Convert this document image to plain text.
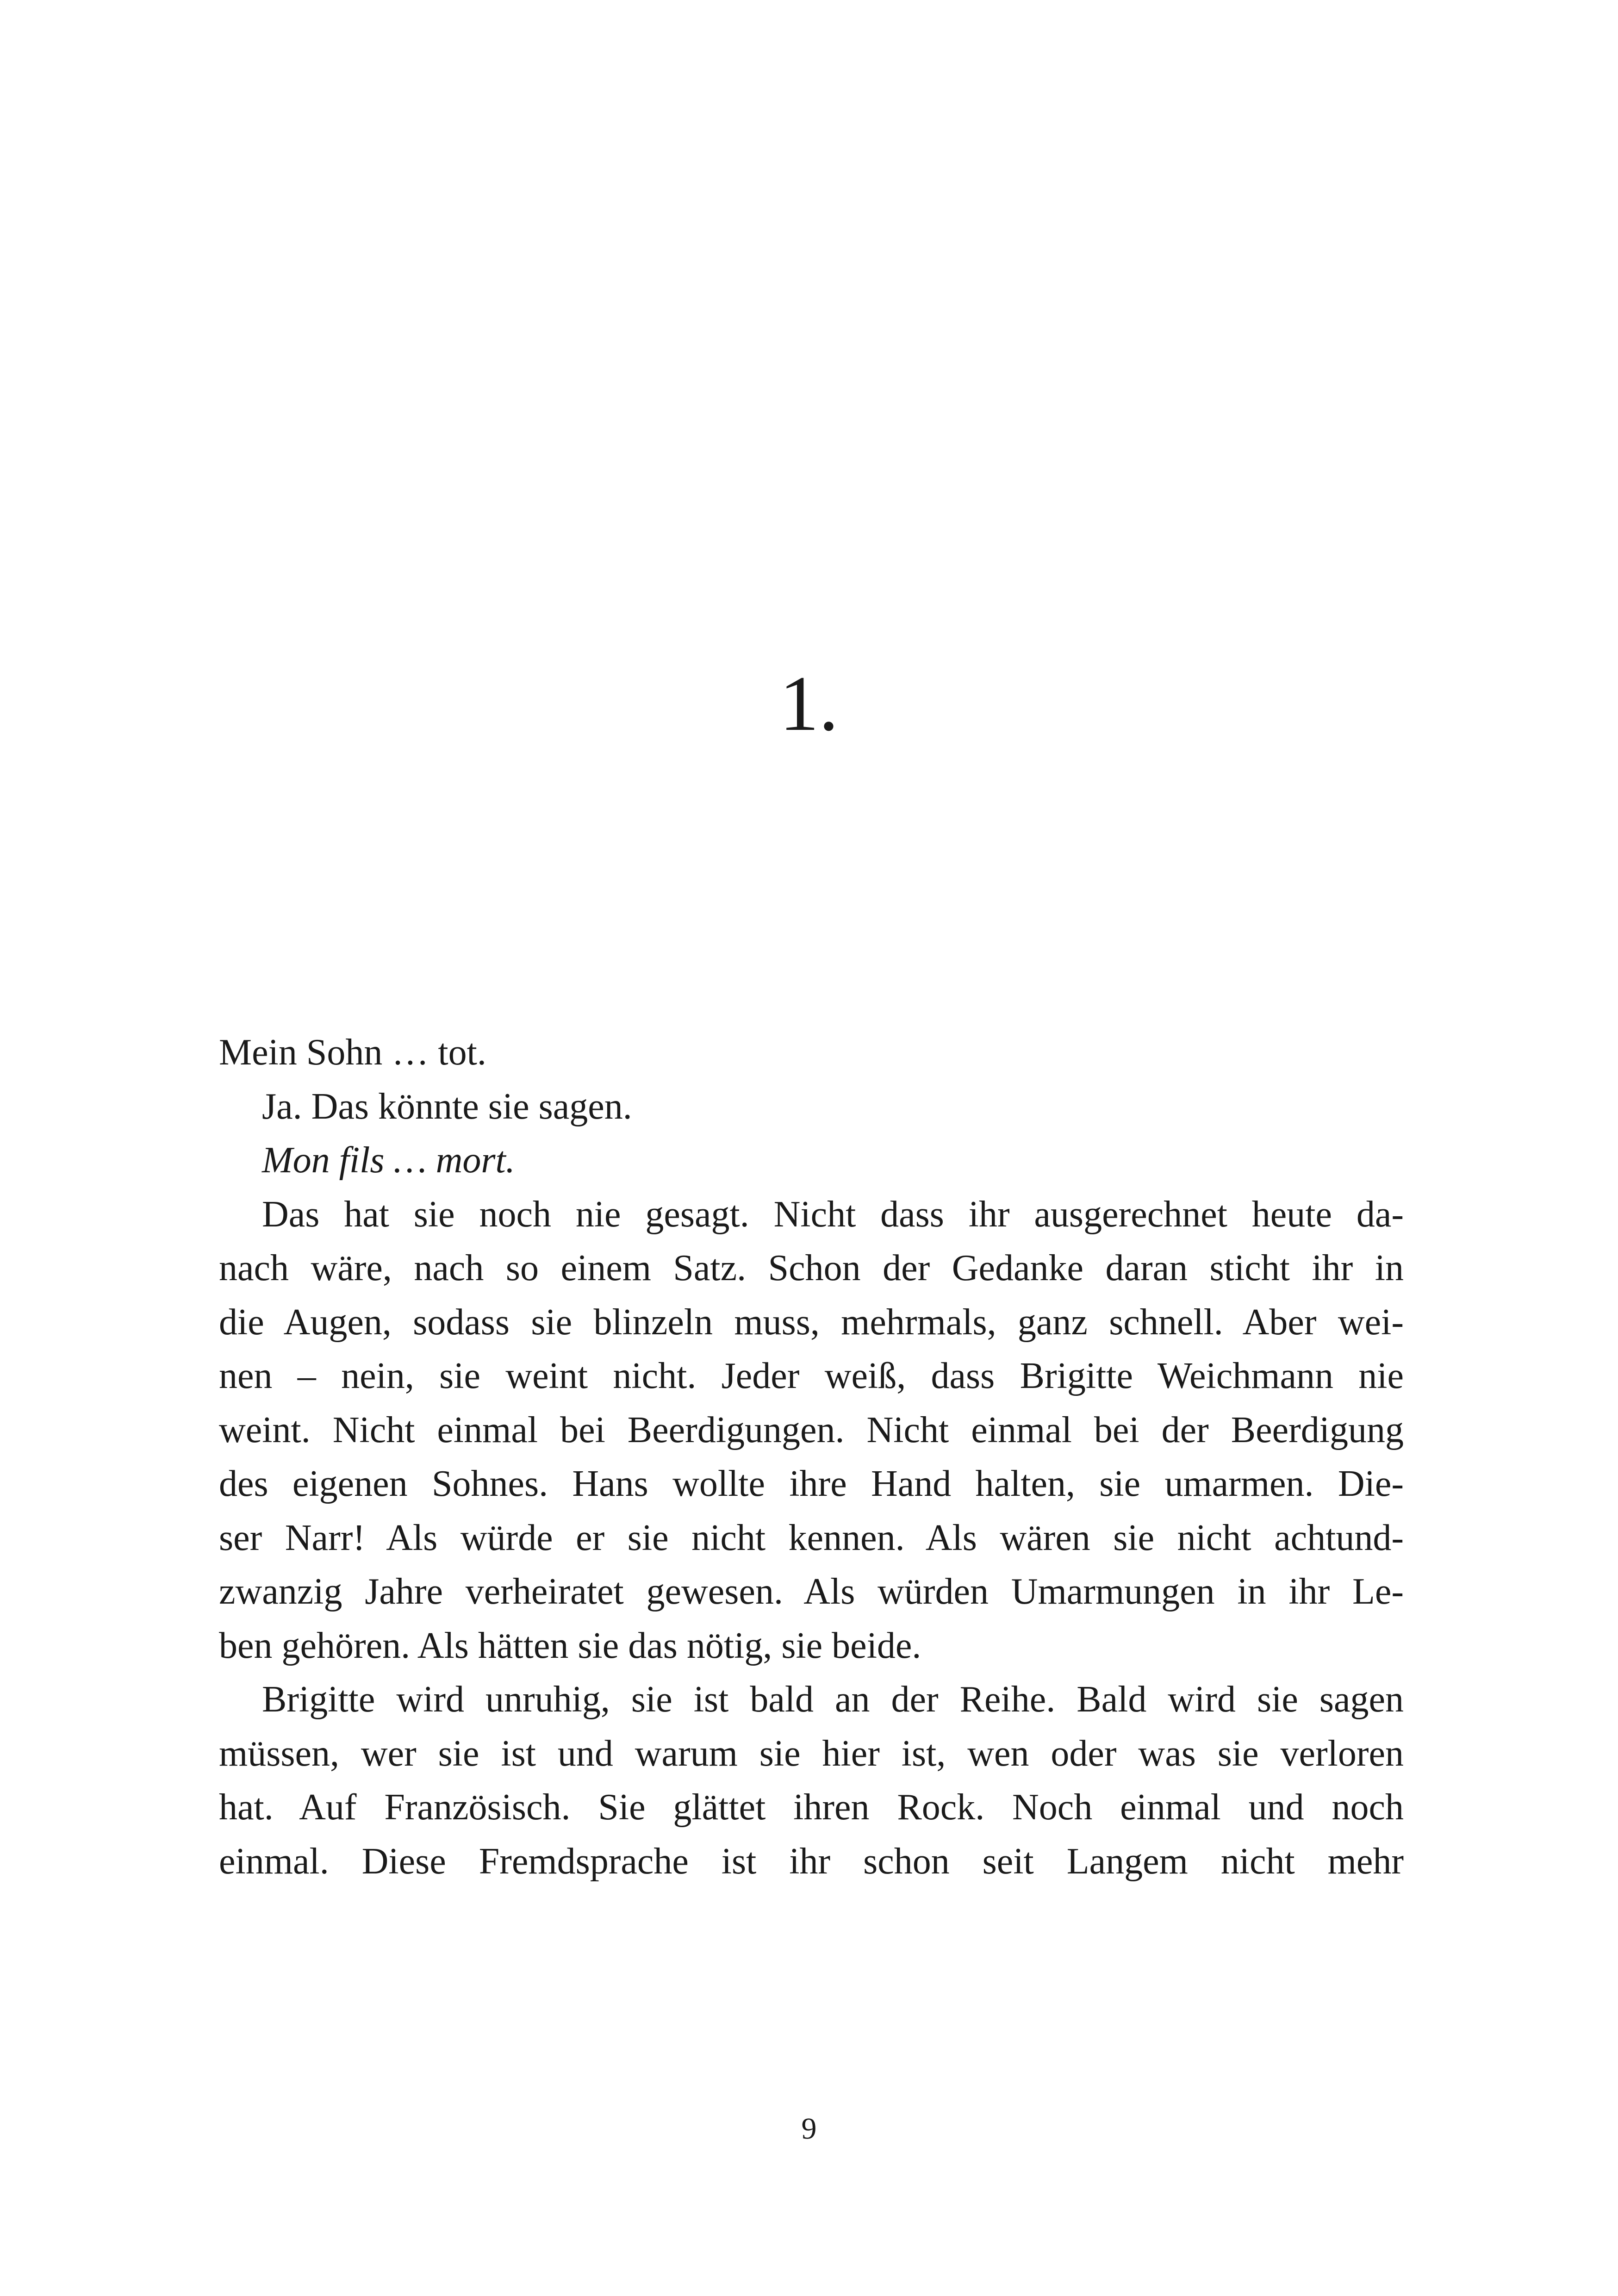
1.
Mein Sohn … tot.
Ja. Das könnte sie sagen.
Mon fils … mort.
Das hat sie noch nie gesagt. Nicht dass ihr ausgerechnet heute da-
nach wäre, nach so einem Satz. Schon der Gedanke daran sticht ihr in
die Augen, sodass sie blinzeln muss, mehrmals, ganz schnell. Aber wei-
nen – nein, sie weint nicht. Jeder weiß, dass Brigitte Weichmann nie
weint. Nicht einmal bei Beerdigungen. Nicht einmal bei der Beerdigung
des eigenen Sohnes. Hans wollte ihre Hand halten, sie umarmen. Die-
ser Narr! Als würde er sie nicht kennen. Als wären sie nicht achtund-
zwanzig Jahre verheiratet gewesen. Als würden Umarmungen in ihr Le-
ben gehören. Als hätten sie das nötig, sie beide.
Brigitte wird unruhig, sie ist bald an der Reihe. Bald wird sie sagen
müssen, wer sie ist und warum sie hier ist, wen oder was sie verloren
hat. Auf Französisch. Sie glättet ihren Rock. Noch einmal und noch
einmal. Diese Fremdsprache ist ihr schon seit Langem nicht mehr
9
